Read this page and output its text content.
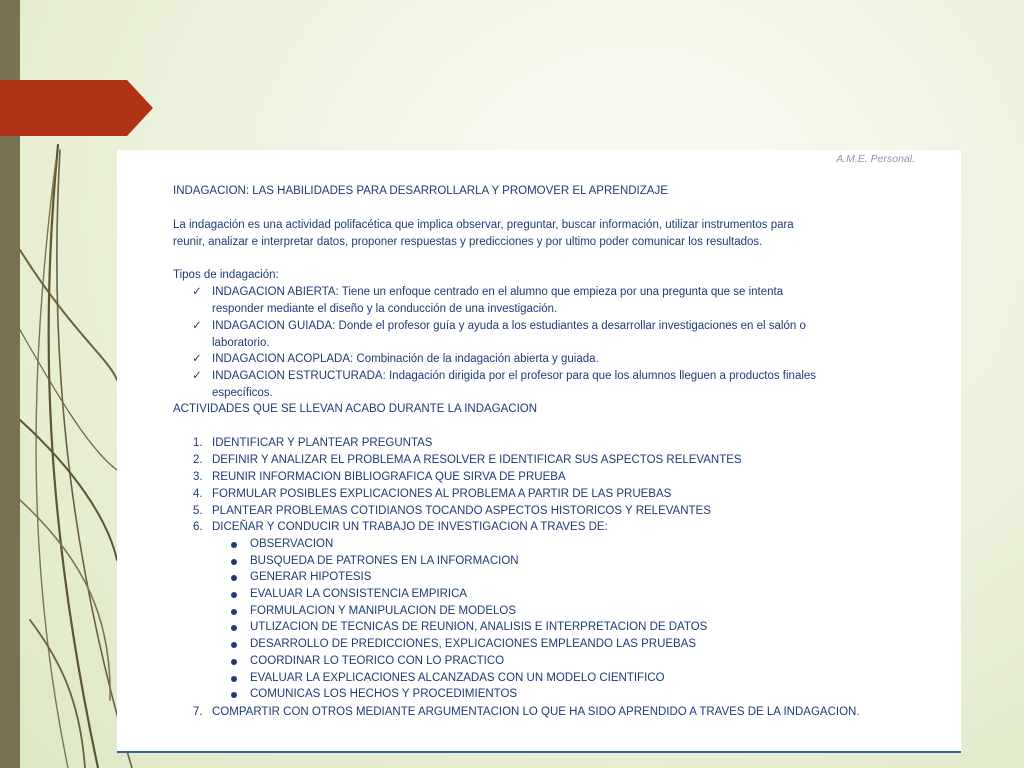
A.M.E. Personal.
INDAGACION: LAS HABILIDADES PARA DESARROLLARLA Y PROMOVER EL APRENDIZAJE
La indagación es una actividad polifacética que implica observar, preguntar, buscar información, utilizar instrumentos para
reunir, analizar e interpretar datos, proponer respuestas y predicciones y por ultimo poder comunicar los resultados.
Tipos de indagación:
✓ INDAGACION ABIERTA: Tiene un enfoque centrado en el alumno que empieza por una pregunta que se intenta
responder mediante el diseño y la conducción de una investigación.
✓ INDAGACION GUIADA: Donde el profesor guía y ayuda a los estudiantes a desarrollar investigaciones en el salón o
laboratorio.
✓ INDAGACION ACOPLADA: Combinación de la indagación abierta y guiada.
✓ INDAGACION ESTRUCTURADA: Indagación dirigida por el profesor para que los alumnos lleguen a productos finales
específicos.
ACTIVIDADES QUE SE LLEVAN ACABO DURANTE LA INDAGACION
1. IDENTIFICAR Y PLANTEAR PREGUNTAS
2. DEFINIR Y ANALIZAR EL PROBLEMA A RESOLVER E IDENTIFICAR SUS ASPECTOS RELEVANTES
3. REUNIR INFORMACION BIBLIOGRAFICA QUE SIRVA DE PRUEBA
4. FORMULAR POSIBLES EXPLICACIONES AL PROBLEMA A PARTIR DE LAS PRUEBAS
5. PLANTEAR PROBLEMAS COTIDIANOS TOCANDO ASPECTOS HISTORICOS Y RELEVANTES
6. DICEÑAR Y CONDUCIR UN TRABAJO DE INVESTIGACION A TRAVES DE:
OBSERVACION
BUSQUEDA DE PATRONES EN LA INFORMACION
GENERAR HIPOTESIS
EVALUAR LA CONSISTENCIA EMPIRICA
FORMULACION Y MANIPULACION DE MODELOS
UTLIZACION DE TECNICAS DE REUNION, ANALISIS E INTERPRETACION DE DATOS
DESARROLLO DE PREDICCIONES, EXPLICACIONES EMPLEANDO LAS PRUEBAS
COORDINAR LO TEORICO CON LO PRACTICO
EVALUAR LA EXPLICACIONES ALCANZADAS CON UN MODELO CIENTIFICO
COMUNICAS LOS HECHOS Y PROCEDIMIENTOS
7. COMPARTIR CON OTROS MEDIANTE ARGUMENTACION LO QUE HA SIDO APRENDIDO A TRAVES DE LA INDAGACION.
